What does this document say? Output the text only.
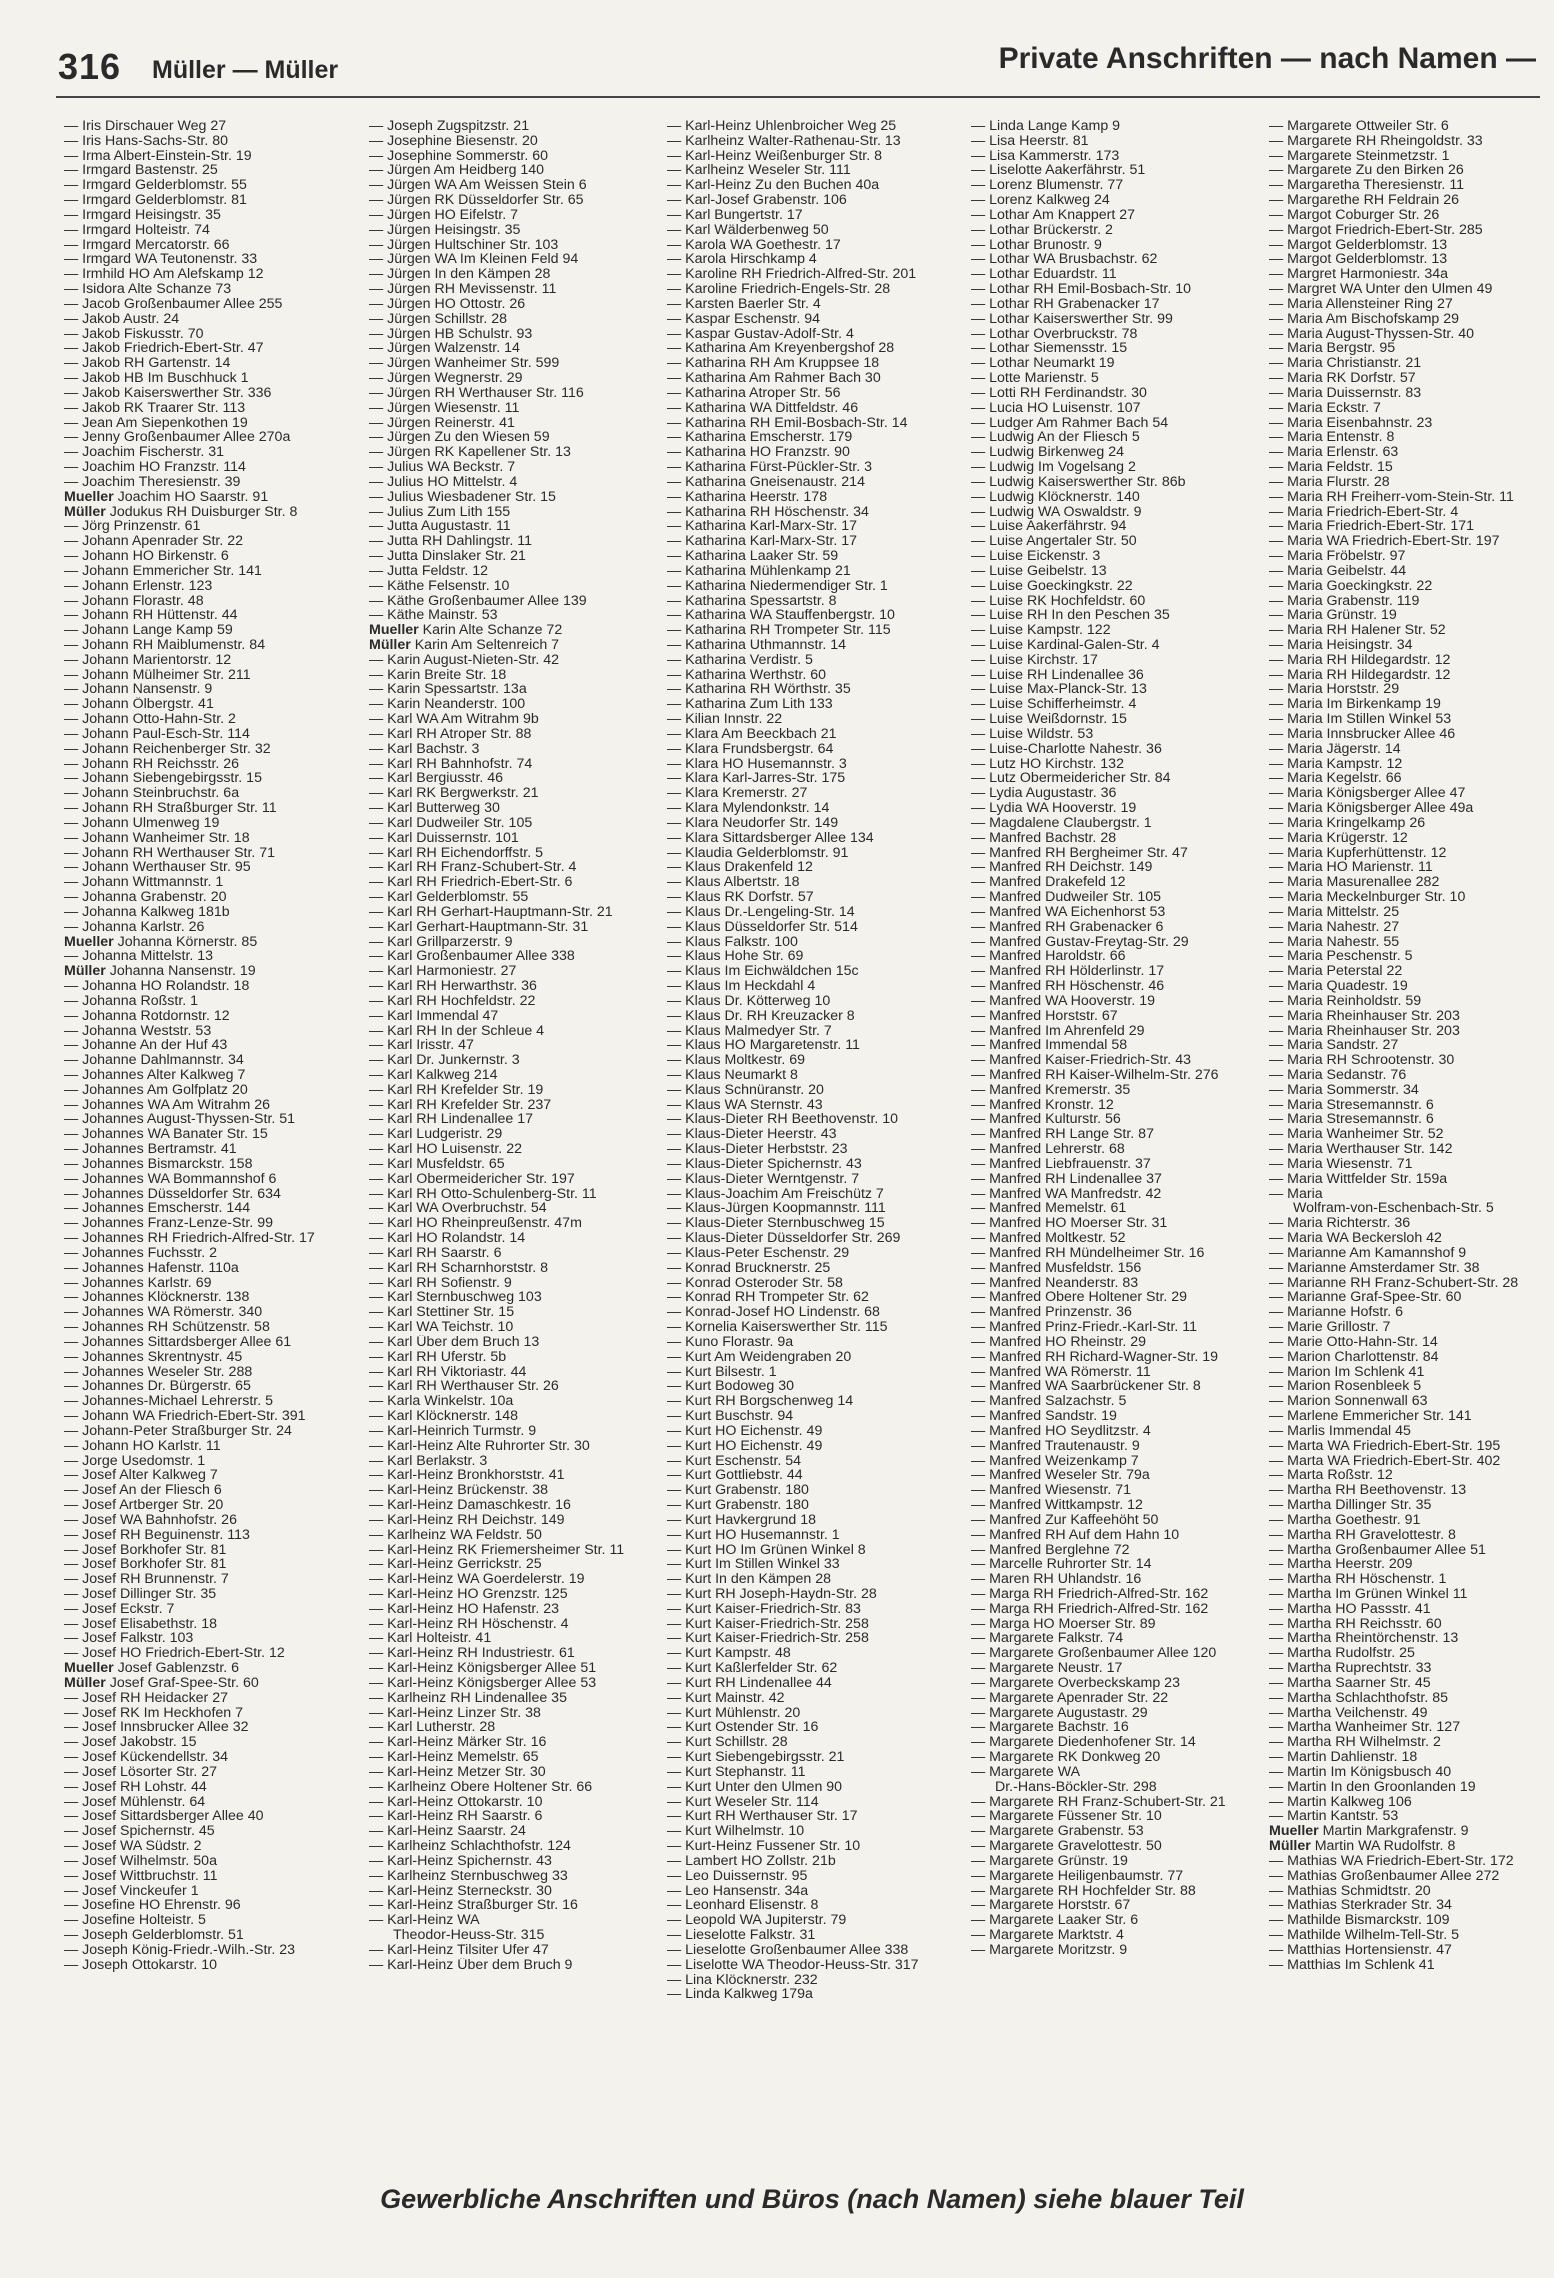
316 Müller — Müller	Private Anschriften — nach Namen —
— Iris Dirschauer Weg 27
— Iris Hans-Sachs-Str. 80
— Irma Albert-Einstein-Str. 19
— Irmgard Bastenstr. 25
— Irmgard Gelderblomstr. 55
— Irmgard Gelderblomstr. 81
— Irmgard Heisingstr. 35
— Irmgard Holteistr. 74
— Irmgard Mercatorstr. 66
— Irmgard WA Teutonenstr. 33
— Irmhild HO Am Alefskamp 12
— Isidora Alte Schanze 73
— Jacob Großenbaumer Allee 255
— Jakob Austr. 24
— Jakob Fiskusstr. 70
— Jakob Friedrich-Ebert-Str. 47
— Jakob RH Gartenstr. 14
— Jakob HB Im Buschhuck 1
— Jakob Kaiserswerther Str. 336
— Jakob RK Traarer Str. 113
— Jean Am Siepenkothen 19
— Jenny Großenbaumer Allee 270a
— Joachim Fischerstr. 31
— Joachim HO Franzstr. 114
— Joachim Theresienstr. 39
Mueller Joachim HO Saarstr. 91
Müller Jodukus RH Duisburger Str. 8
— Jörg Prinzenstr. 61
— Johann Apenrader Str. 22
— Johann HO Birkenstr. 6
— Johann Emmericher Str. 141
— Johann Erlenstr. 123
— Johann Florastr. 48
— Johann RH Hüttenstr. 44
— Johann Lange Kamp 59
— Johann RH Maiblumenstr. 84
— Johann Marientorstr. 12
— Johann Mülheimer Str. 211
— Johann Nansenstr. 9
— Johann Ölbergstr. 41
— Johann Otto-Hahn-Str. 2
— Johann Paul-Esch-Str. 114
— Johann Reichenberger Str. 32
— Johann RH Reichsstr. 26
— Johann Siebengebirgsstr. 15
— Johann Steinbruchstr. 6a
— Johann RH Straßburger Str. 11
— Johann Ulmenweg 19
— Johann Wanheimer Str. 18
— Johann RH Werthauser Str. 71
— Johann Werthauser Str. 95
— Johann Wittmannstr. 1
— Johanna Grabenstr. 20
— Johanna Kalkweg 181b
— Johanna Karlstr. 26
Mueller Johanna Körnerstr. 85
— Johanna Mittelstr. 13
Müller Johanna Nansenstr. 19
— Johanna HO Rolandstr. 18
— Johanna Roßstr. 1
— Johanna Rotdornstr. 12
— Johanna Weststr. 53
— Johanne An der Huf 43
— Johanne Dahlmannstr. 34
— Johannes Alter Kalkweg 7
— Johannes Am Golfplatz 20
— Johannes WA Am Witrahm 26
— Johannes August-Thyssen-Str. 51
— Johannes WA Banater Str. 15
— Johannes Bertramstr. 41
— Johannes Bismarckstr. 158
— Johannes WA Bommannshof 6
— Johannes Düsseldorfer Str. 634
— Johannes Emscherstr. 144
— Johannes Franz-Lenze-Str. 99
— Johannes RH Friedrich-Alfred-Str. 17
— Johannes Fuchsstr. 2
— Johannes Hafenstr. 110a
— Johannes Karlstr. 69
— Johannes Klöcknerstr. 138
— Johannes WA Römerstr. 340
— Johannes RH Schützenstr. 58
— Johannes Sittardsberger Allee 61
— Johannes Skrentnystr. 45
— Johannes Weseler Str. 288
— Johannes Dr. Bürgerstr. 65
— Johannes-Michael Lehrerstr. 5
— Johann WA Friedrich-Ebert-Str. 391
— Johann-Peter Straßburger Str. 24
— Johann HO Karlstr. 11
— Jorge Usedomstr. 1
— Josef Alter Kalkweg 7
— Josef An der Fliesch 6
— Josef Artberger Str. 20
— Josef WA Bahnhofstr. 26
— Josef RH Beguinenstr. 113
— Josef Borkhofer Str. 81
— Josef Borkhofer Str. 81
— Josef RH Brunnenstr. 7
— Josef Dillinger Str. 35
— Josef Eckstr. 7
— Josef Elisabethstr. 18
— Josef Falkstr. 103
— Josef HO Friedrich-Ebert-Str. 12
Mueller Josef Gablenzstr. 6
Müller Josef Graf-Spee-Str. 60
— Josef RH Heidacker 27
— Josef RK Im Heckhofen 7
— Josef Innsbrucker Allee 32
— Josef Jakobstr. 15
— Josef Kückendellstr. 34
— Josef Lösorter Str. 27
— Josef RH Lohstr. 44
— Josef Mühlenstr. 64
— Josef Sittardsberger Allee 40
— Josef Spichernstr. 45
— Josef WA Südstr. 2
— Josef Wilhelmstr. 50a
— Josef Wittbruchstr. 11
— Josef Vinckeufer 1
— Josefine HO Ehrenstr. 96
— Josefine Holteistr. 5
— Joseph Gelderblomstr. 51
— Joseph König-Friedr.-Wilh.-Str. 23
— Joseph Ottokarstr. 10
— Joseph Zugspitzstr. 21
— Josephine Biesenstr. 20
— Josephine Sommerstr. 60
— Jürgen Am Heidberg 140
— Jürgen WA Am Weissen Stein 6
— Jürgen RK Düsseldorfer Str. 65
— Jürgen HO Eifelstr. 7
— Jürgen Heisingstr. 35
— Jürgen Hultschiner Str. 103
— Jürgen WA Im Kleinen Feld 94
— Jürgen In den Kämpen 28
— Jürgen RH Mevissenstr. 11
— Jürgen HO Ottostr. 26
— Jürgen Schillstr. 28
— Jürgen HB Schulstr. 93
— Jürgen Walzenstr. 14
— Jürgen Wanheimer Str. 599
— Jürgen Wegnerstr. 29
— Jürgen RH Werthauser Str. 116
— Jürgen Wiesenstr. 11
— Jürgen Reinerstr. 41
— Jürgen Zu den Wiesen 59
— Jürgen RK Kapellener Str. 13
— Julius WA Beckstr. 7
— Julius HO Mittelstr. 4
— Julius Wiesbadener Str. 15
— Julius Zum Lith 155
— Jutta Augustastr. 11
— Jutta RH Dahlingstr. 11
— Jutta Dinslaker Str. 21
— Jutta Feldstr. 12
— Käthe Felsenstr. 10
— Käthe Großenbaumer Allee 139
— Käthe Mainstr. 53
Mueller Karin Alte Schanze 72
Müller Karin Am Seltenreich 7
— Karin August-Nieten-Str. 42
— Karin Breite Str. 18
— Karin Spessartstr. 13a
— Karin Neanderstr. 100
— Karl WA Am Witrahm 9b
— Karl RH Atroper Str. 88
— Karl Bachstr. 3
— Karl RH Bahnhofstr. 74
— Karl Bergiusstr. 46
— Karl RK Bergwerkstr. 21
— Karl Butterweg 30
— Karl Dudweiler Str. 105
— Karl Duissernstr. 101
— Karl RH Eichendorffstr. 5
— Karl RH Franz-Schubert-Str. 4
— Karl RH Friedrich-Ebert-Str. 6
— Karl Gelderblomstr. 55
— Karl RH Gerhart-Hauptmann-Str. 21
— Karl Gerhart-Hauptmann-Str. 31
— Karl Grillparzerstr. 9
— Karl Großenbaumer Allee 338
— Karl Harmoniestr. 27
— Karl RH Herwarthstr. 36
— Karl RH Hochfeldstr. 22
— Karl Immendal 47
— Karl RH In der Schleue 4
— Karl Irisstr. 47
— Karl Dr. Junkernstr. 3
— Karl Kalkweg 214
— Karl RH Krefelder Str. 19
— Karl RH Krefelder Str. 237
— Karl RH Lindenallee 17
— Karl Ludgeristr. 29
— Karl HO Luisenstr. 22
— Karl Musfeldstr. 65
— Karl Obermeidericher Str. 197
— Karl RH Otto-Schulenberg-Str. 11
— Karl WA Overbruchstr. 54
— Karl HO Rheinpreußenstr. 47m
— Karl HO Rolandstr. 14
— Karl RH Saarstr. 6
— Karl RH Scharnhorststr. 8
— Karl RH Sofienstr. 9
— Karl Sternbuschweg 103
— Karl Stettiner Str. 15
— Karl WA Teichstr. 10
— Karl Über dem Bruch 13
— Karl RH Uferstr. 5b
— Karl RH Viktoriastr. 44
— Karl RH Werthauser Str. 26
— Karla Winkelstr. 10a
— Karl Klöcknerstr. 148
— Karl-Heinrich Turmstr. 9
— Karl-Heinz Alte Ruhrorter Str. 30
— Karl Berlakstr. 3
— Karl-Heinz Bronkhorststr. 41
— Karl-Heinz Brückenstr. 38
— Karl-Heinz Damaschkestr. 16
— Karl-Heinz RH Deichstr. 149
— Karlheinz WA Feldstr. 50
— Karl-Heinz RK Friemersheimer Str. 11
— Karl-Heinz Gerrickstr. 25
— Karl-Heinz WA Goerdelerstr. 19
— Karl-Heinz HO Grenzstr. 125
— Karl-Heinz HO Hafenstr. 23
— Karl-Heinz RH Höschenstr. 4
— Karl Holteistr. 41
— Karl-Heinz RH Industriestr. 61
— Karl-Heinz Königsberger Allee 51
— Karl-Heinz Königsberger Allee 53
— Karlheinz RH Lindenallee 35
— Karl-Heinz Linzer Str. 38
— Karl Lutherstr. 28
— Karl-Heinz Märker Str. 16
— Karl-Heinz Memelstr. 65
— Karl-Heinz Metzer Str. 30
— Karlheinz Obere Holtener Str. 66
— Karl-Heinz Ottokarstr. 10
— Karl-Heinz RH Saarstr. 6
— Karl-Heinz Saarstr. 24
— Karlheinz Schlachthofstr. 124
— Karl-Heinz Spichernstr. 43
— Karlheinz Sternbuschweg 33
— Karl-Heinz Sterneckstr. 30
— Karl-Heinz Straßburger Str. 16
— Karl-Heinz WA
Theodor-Heuss-Str. 315
— Karl-Heinz Tilsiter Ufer 47
— Karl-Heinz Über dem Bruch 9
— Karl-Heinz Uhlenbroicher Weg 25
— Karlheinz Walter-Rathenau-Str. 13
— Karl-Heinz Weißenburger Str. 8
— Karlheinz Weseler Str. 111
— Karl-Heinz Zu den Buchen 40a
— Karl-Josef Grabenstr. 106
— Karl Bungertstr. 17
— Karl Wälderbenweg 50
— Karola WA Goethestr. 17
— Karola Hirschkamp 4
— Karoline RH Friedrich-Alfred-Str. 201
— Karoline Friedrich-Engels-Str. 28
— Karsten Baerler Str. 4
— Kaspar Eschenstr. 94
— Kaspar Gustav-Adolf-Str. 4
— Katharina Am Kreyenbergshof 28
— Katharina RH Am Kruppsee 18
— Katharina Am Rahmer Bach 30
— Katharina Atroper Str. 56
— Katharina WA Dittfeldstr. 46
— Katharina RH Emil-Bosbach-Str. 14
— Katharina Emscherstr. 179
— Katharina HO Franzstr. 90
— Katharina Fürst-Pückler-Str. 3
— Katharina Gneisenaustr. 214
— Katharina Heerstr. 178
— Katharina RH Höschenstr. 34
— Katharina Karl-Marx-Str. 17
— Katharina Karl-Marx-Str. 17
— Katharina Laaker Str. 59
— Katharina Mühlenkamp 21
— Katharina Niedermendiger Str. 1
— Katharina Spessartstr. 8
— Katharina WA Stauffenbergstr. 10
— Katharina RH Trompeter Str. 115
— Katharina Uthmannstr. 14
— Katharina Verdistr. 5
— Katharina Werthstr. 60
— Katharina RH Wörthstr. 35
— Katharina Zum Lith 133
— Kilian Innstr. 22
— Klara Am Beeckbach 21
— Klara Frundsbergstr. 64
— Klara HO Husemannstr. 3
— Klara Karl-Jarres-Str. 175
— Klara Kremerstr. 27
— Klara Mylendonkstr. 14
— Klara Neudorfer Str. 149
— Klara Sittardsberger Allee 134
— Klaudia Gelderblomstr. 91
— Klaus Drakenfeld 12
— Klaus Albertstr. 18
— Klaus RK Dorfstr. 57
— Klaus Dr.-Lengeling-Str. 14
— Klaus Düsseldorfer Str. 514
— Klaus Falkstr. 100
— Klaus Hohe Str. 69
— Klaus Im Eichwäldchen 15c
— Klaus Im Heckdahl 4
— Klaus Dr. Kötterweg 10
— Klaus Dr. RH Kreuzacker 8
— Klaus Malmedyer Str. 7
— Klaus HO Margaretenstr. 11
— Klaus Moltkestr. 69
— Klaus Neumarkt 8
— Klaus Schnüranstr. 20
— Klaus WA Sternstr. 43
— Klaus-Dieter RH Beethovenstr. 10
— Klaus-Dieter Heerstr. 43
— Klaus-Dieter Herbststr. 23
— Klaus-Dieter Spichernstr. 43
— Klaus-Dieter Werntgenstr. 7
— Klaus-Joachim Am Freischütz 7
— Klaus-Jürgen Koopmannstr. 111
— Klaus-Dieter Sternbuschweg 15
— Klaus-Dieter Düsseldorfer Str. 269
— Klaus-Peter Eschenstr. 29
— Konrad Brucknerstr. 25
— Konrad Osteroder Str. 58
— Konrad RH Trompeter Str. 62
— Konrad-Josef HO Lindenstr. 68
— Kornelia Kaiserswerther Str. 115
— Kuno Florastr. 9a
— Kurt Am Weidengraben 20
— Kurt Bilsestr. 1
— Kurt Bodoweg 30
— Kurt RH Borgschenweg 14
— Kurt Buschstr. 94
— Kurt HO Eichenstr. 49
— Kurt HO Eichenstr. 49
— Kurt Eschenstr. 54
— Kurt Gottliebstr. 44
— Kurt Grabenstr. 180
— Kurt Grabenstr. 180
— Kurt Havkergrund 18
— Kurt HO Husemannstr. 1
— Kurt HO Im Grünen Winkel 8
— Kurt Im Stillen Winkel 33
— Kurt In den Kämpen 28
— Kurt RH Joseph-Haydn-Str. 28
— Kurt Kaiser-Friedrich-Str. 83
— Kurt Kaiser-Friedrich-Str. 258
— Kurt Kaiser-Friedrich-Str. 258
— Kurt Kampstr. 48
— Kurt Kaßlerfelder Str. 62
— Kurt RH Lindenallee 44
— Kurt Mainstr. 42
— Kurt Mühlenstr. 20
— Kurt Ostender Str. 16
— Kurt Schillstr. 28
— Kurt Siebengebirgsstr. 21
— Kurt Stephanstr. 11
— Kurt Unter den Ulmen 90
— Kurt Weseler Str. 114
— Kurt RH Werthauser Str. 17
— Kurt Wilhelmstr. 10
— Kurt-Heinz Fussener Str. 10
— Lambert HO Zollstr. 21b
— Leo Duissernstr. 95
— Leo Hansenstr. 34a
— Leonhard Elisenstr. 8
— Leopold WA Jupiterstr. 79
— Lieselotte Falkstr. 31
— Lieselotte Großenbaumer Allee 338
— Liselotte WA Theodor-Heuss-Str. 317
— Lina Klöcknerstr. 232
— Linda Kalkweg 179a
— Linda Lange Kamp 9
— Lisa Heerstr. 81
— Lisa Kammerstr. 173
— Liselotte Aakerfährstr. 51
— Lorenz Blumenstr. 77
— Lorenz Kalkweg 24
— Lothar Am Knappert 27
— Lothar Brückerstr. 2
— Lothar Brunostr. 9
— Lothar WA Brusbachstr. 62
— Lothar Eduardstr. 11
— Lothar RH Emil-Bosbach-Str. 10
— Lothar RH Grabenacker 17
— Lothar Kaiserswerther Str. 99
— Lothar Overbruckstr. 78
— Lothar Siemensstr. 15
— Lothar Neumarkt 19
— Lotte Marienstr. 5
— Lotti RH Ferdinandstr. 30
— Lucia HO Luisenstr. 107
— Ludger Am Rahmer Bach 54
— Ludwig An der Fliesch 5
— Ludwig Birkenweg 24
— Ludwig Im Vogelsang 2
— Ludwig Kaiserswerther Str. 86b
— Ludwig Klöcknerstr. 140
— Ludwig WA Oswaldstr. 9
— Luise Aakerfährstr. 94
— Luise Angertaler Str. 50
— Luise Eickenstr. 3
— Luise Geibelstr. 13
— Luise Goeckingkstr. 22
— Luise RK Hochfeldstr. 60
— Luise RH In den Peschen 35
— Luise Kampstr. 122
— Luise Kardinal-Galen-Str. 4
— Luise Kirchstr. 17
— Luise RH Lindenallee 36
— Luise Max-Planck-Str. 13
— Luise Schifferheimstr. 4
— Luise Weißdornstr. 15
— Luise Wildstr. 53
— Luise-Charlotte Nahestr. 36
— Lutz HO Kirchstr. 132
— Lutz Obermeidericher Str. 84
— Lydia Augustastr. 36
— Lydia WA Hooverstr. 19
— Magdalene Claubergstr. 1
— Manfred Bachstr. 28
— Manfred RH Bergheimer Str. 47
— Manfred RH Deichstr. 149
— Manfred Drakefeld 12
— Manfred Dudweiler Str. 105
— Manfred WA Eichenhorst 53
— Manfred RH Grabenacker 6
— Manfred Gustav-Freytag-Str. 29
— Manfred Haroldstr. 66
— Manfred RH Hölderlinstr. 17
— Manfred RH Höschenstr. 46
— Manfred WA Hooverstr. 19
— Manfred Horststr. 67
— Manfred Im Ahrenfeld 29
— Manfred Immendal 58
— Manfred Kaiser-Friedrich-Str. 43
— Manfred RH Kaiser-Wilhelm-Str. 276
— Manfred Kremerstr. 35
— Manfred Kronstr. 12
— Manfred Kulturstr. 56
— Manfred RH Lange Str. 87
— Manfred Lehrerstr. 68
— Manfred Liebfrauenstr. 37
— Manfred RH Lindenallee 37
— Manfred WA Manfredstr. 42
— Manfred Memelstr. 61
— Manfred HO Moerser Str. 31
— Manfred Moltkestr. 52
— Manfred RH Mündelheimer Str. 16
— Manfred Musfeldstr. 156
— Manfred Neanderstr. 83
— Manfred Obere Holtener Str. 29
— Manfred Prinzenstr. 36
— Manfred Prinz-Friedr.-Karl-Str. 11
— Manfred HO Rheinstr. 29
— Manfred RH Richard-Wagner-Str. 19
— Manfred WA Römerstr. 11
— Manfred WA Saarbrückener Str. 8
— Manfred Salzachstr. 5
— Manfred Sandstr. 19
— Manfred HO Seydlitzstr. 4
— Manfred Trautenaustr. 9
— Manfred Weizenkamp 7
— Manfred Weseler Str. 79a
— Manfred Wiesenstr. 71
— Manfred Wittkampstr. 12
— Manfred Zur Kaffeehöht 50
— Manfred RH Auf dem Hahn 10
— Manfred Berglehne 72
— Marcelle Ruhrorter Str. 14
— Maren RH Uhlandstr. 16
— Marga RH Friedrich-Alfred-Str. 162
— Marga RH Friedrich-Alfred-Str. 162
— Marga HO Moerser Str. 89
— Margarete Falkstr. 74
— Margarete Großenbaumer Allee 120
— Margarete Neustr. 17
— Margarete Overbeckskamp 23
— Margarete Apenrader Str. 22
— Margarete Augustastr. 29
— Margarete Bachstr. 16
— Margarete Diedenhofener Str. 14
— Margarete RK Donkweg 20
— Margarete WA
Dr.-Hans-Böckler-Str. 298
— Margarete RH Franz-Schubert-Str. 21
— Margarete Füssener Str. 10
— Margarete Grabenstr. 53
— Margarete Gravelottestr. 50
— Margarete Grünstr. 19
— Margarete Heiligenbaumstr. 77
— Margarete RH Hochfelder Str. 88
— Margarete Horststr. 67
— Margarete Laaker Str. 6
— Margarete Marktstr. 4
— Margarete Moritzstr. 9
— Margarete Ottweiler Str. 6
— Margarete RH Rheingoldstr. 33
— Margarete Steinmetzstr. 1
— Margarete Zu den Birken 26
— Margaretha Theresienstr. 11
— Margarethe RH Feldrain 26
— Margot Coburger Str. 26
— Margot Friedrich-Ebert-Str. 285
— Margot Gelderblomstr. 13
— Margot Gelderblomstr. 13
— Margret Harmoniestr. 34a
— Margret WA Unter den Ulmen 49
— Maria Allensteiner Ring 27
— Maria Am Bischofskamp 29
— Maria August-Thyssen-Str. 40
— Maria Bergstr. 95
— Maria Christianstr. 21
— Maria RK Dorfstr. 57
— Maria Duissernstr. 83
— Maria Eckstr. 7
— Maria Eisenbahnstr. 23
— Maria Entenstr. 8
— Maria Erlenstr. 63
— Maria Feldstr. 15
— Maria Flurstr. 28
— Maria RH Freiherr-vom-Stein-Str. 11
— Maria Friedrich-Ebert-Str. 4
— Maria Friedrich-Ebert-Str. 171
— Maria WA Friedrich-Ebert-Str. 197
— Maria Fröbelstr. 97
— Maria Geibelstr. 44
— Maria Goeckingkstr. 22
— Maria Grabenstr. 119
— Maria Grünstr. 19
— Maria RH Halener Str. 52
— Maria Heisingstr. 34
— Maria RH Hildegardstr. 12
— Maria RH Hildegardstr. 12
— Maria Horststr. 29
— Maria Im Birkenkamp 19
— Maria Im Stillen Winkel 53
— Maria Innsbrucker Allee 46
— Maria Jägerstr. 14
— Maria Kampstr. 12
— Maria Kegelstr. 66
— Maria Königsberger Allee 47
— Maria Königsberger Allee 49a
— Maria Kringelkamp 26
— Maria Krügerstr. 12
— Maria Kupferhüttenstr. 12
— Maria HO Marienstr. 11
— Maria Masurenallee 282
— Maria Meckelnburger Str. 10
— Maria Mittelstr. 25
— Maria Nahestr. 27
— Maria Nahestr. 55
— Maria Peschenstr. 5
— Maria Peterstal 22
— Maria Quadestr. 19
— Maria Reinholdstr. 59
— Maria Rheinhauser Str. 203
— Maria Rheinhauser Str. 203
— Maria Sandstr. 27
— Maria RH Schrootenstr. 30
— Maria Sedanstr. 76
— Maria Sommerstr. 34
— Maria Stresemannstr. 6
— Maria Stresemannstr. 6
— Maria Wanheimer Str. 52
— Maria Werthauser Str. 142
— Maria Wiesenstr. 71
— Maria Wittfelder Str. 159a
— Maria
Wolfram-von-Eschenbach-Str. 5
— Maria Richterstr. 36
— Maria WA Beckersloh 42
— Marianne Am Kamannshof 9
— Marianne Amsterdamer Str. 38
— Marianne RH Franz-Schubert-Str. 28
— Marianne Graf-Spee-Str. 60
— Marianne Hofstr. 6
— Marie Grillostr. 7
— Marie Otto-Hahn-Str. 14
— Marion Charlottenstr. 84
— Marion Im Schlenk 41
— Marion Rosenbleek 5
— Marion Sonnenwall 63
— Marlene Emmericher Str. 141
— Marlis Immendal 45
— Marta WA Friedrich-Ebert-Str. 195
— Marta WA Friedrich-Ebert-Str. 402
— Marta Roßstr. 12
— Martha RH Beethovenstr. 13
— Martha Dillinger Str. 35
— Martha Goethestr. 91
— Martha RH Gravelottestr. 8
— Martha Großenbaumer Allee 51
— Martha Heerstr. 209
— Martha RH Höschenstr. 1
— Martha Im Grünen Winkel 11
— Martha HO Passstr. 41
— Martha RH Reichsstr. 60
— Martha Rheintörchenstr. 13
— Martha Rudolfstr. 25
— Martha Ruprechtstr. 33
— Martha Saarner Str. 45
— Martha Schlachthofstr. 85
— Martha Veilchenstr. 49
— Martha Wanheimer Str. 127
— Martha RH Wilhelmstr. 2
— Martin Dahlienstr. 18
— Martin Im Königsbusch 40
— Martin In den Groonlanden 19
— Martin Kalkweg 106
— Martin Kantstr. 53
Mueller Martin Markgrafenstr. 9
Müller Martin WA Rudolfstr. 8
— Mathias WA Friedrich-Ebert-Str. 172
— Mathias Großenbaumer Allee 272
— Mathias Schmidtstr. 20
— Mathias Sterkrader Str. 34
— Mathilde Bismarckstr. 109
— Mathilde Wilhelm-Tell-Str. 5
— Matthias Hortensienstr. 47
— Matthias Im Schlenk 41
Gewerbliche Anschriften und Büros (nach Namen) siehe blauer Teil
